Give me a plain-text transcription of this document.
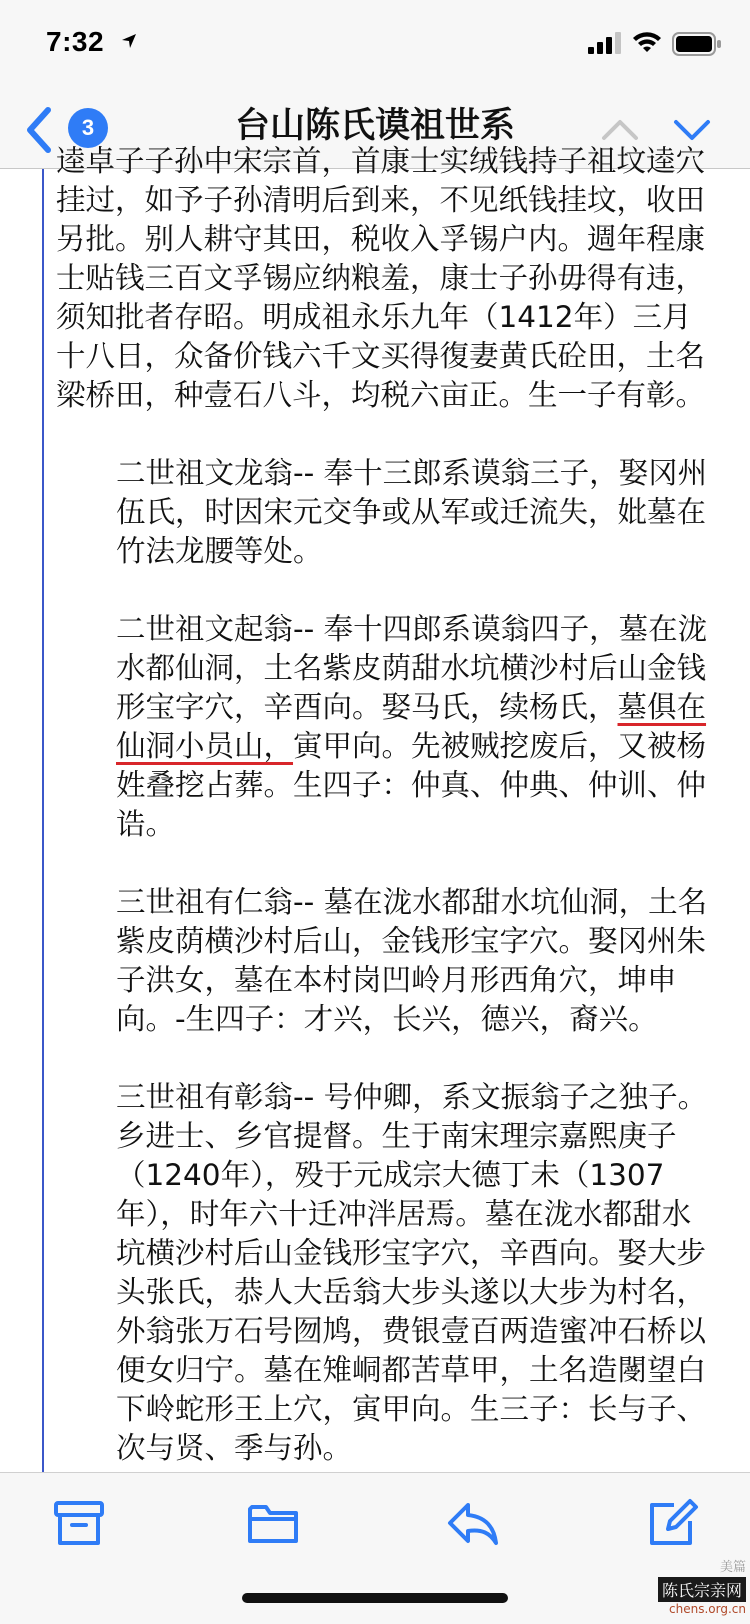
7:32
3	台山陈氏谟祖世系

逵卓子子孙中宋宗首，首康士实绒钱持子祖坟逵穴挂过，如予子孙清明后到来，不见纸钱挂坟，收田另批。别人耕守其田，税收入孚锡户内。週年程康士贴钱三百文孚锡应纳粮羞，康士子孙毋得有违，须知批者存昭。明成祖永乐九年（1412年）三月十八日，众备价钱六千文买得復妻黄氏砼田，土名梁桥田，种壹石八斗，均税六亩正。生一子有彰。

二世祖文龙翁-- 奉十三郎系谟翁三子，娶冈州伍氏，时因宋元交争或从军或迁流失，妣墓在竹法龙腰等处。

二世祖文起翁-- 奉十四郎系谟翁四子，墓在泷水都仙洞，土名紫皮荫甜水坑横沙村后山金钱形宝字穴，辛酉向。娶马氏，续杨氏，墓俱在仙洞小员山，寅甲向。先被贼挖废后，又被杨姓叠挖占葬。生四子：仲真、仲典、仲训、仲诰。

三世祖有仁翁-- 墓在泷水都甜水坑仙洞，土名紫皮荫横沙村后山，金钱形宝字穴。娶冈州朱子洪女，墓在本村岗凹岭月形西角穴，坤申向。-生四子：才兴，长兴，德兴，裔兴。

三世祖有彰翁-- 号仲卿，系文振翁子之独子。乡进士、乡官提督。生于南宋理宗嘉熙庚子（1240年），殁于元成宗大德丁未（1307年），时年六十迁冲泮居焉。墓在泷水都甜水坑横沙村后山金钱形宝字穴，辛酉向。娶大步头张氏，恭人大岳翁大步头遂以大步为村名，外翁张万石号囫鸠，费银壹百两造蜜冲石桥以便女归宁。墓在雉峒都苦草甲，土名造閿望白下岭蛇形王上穴，寅甲向。生三子：长与子、次与贤、季与孙。

美篇
陈氏宗亲网
chens.org.cn
